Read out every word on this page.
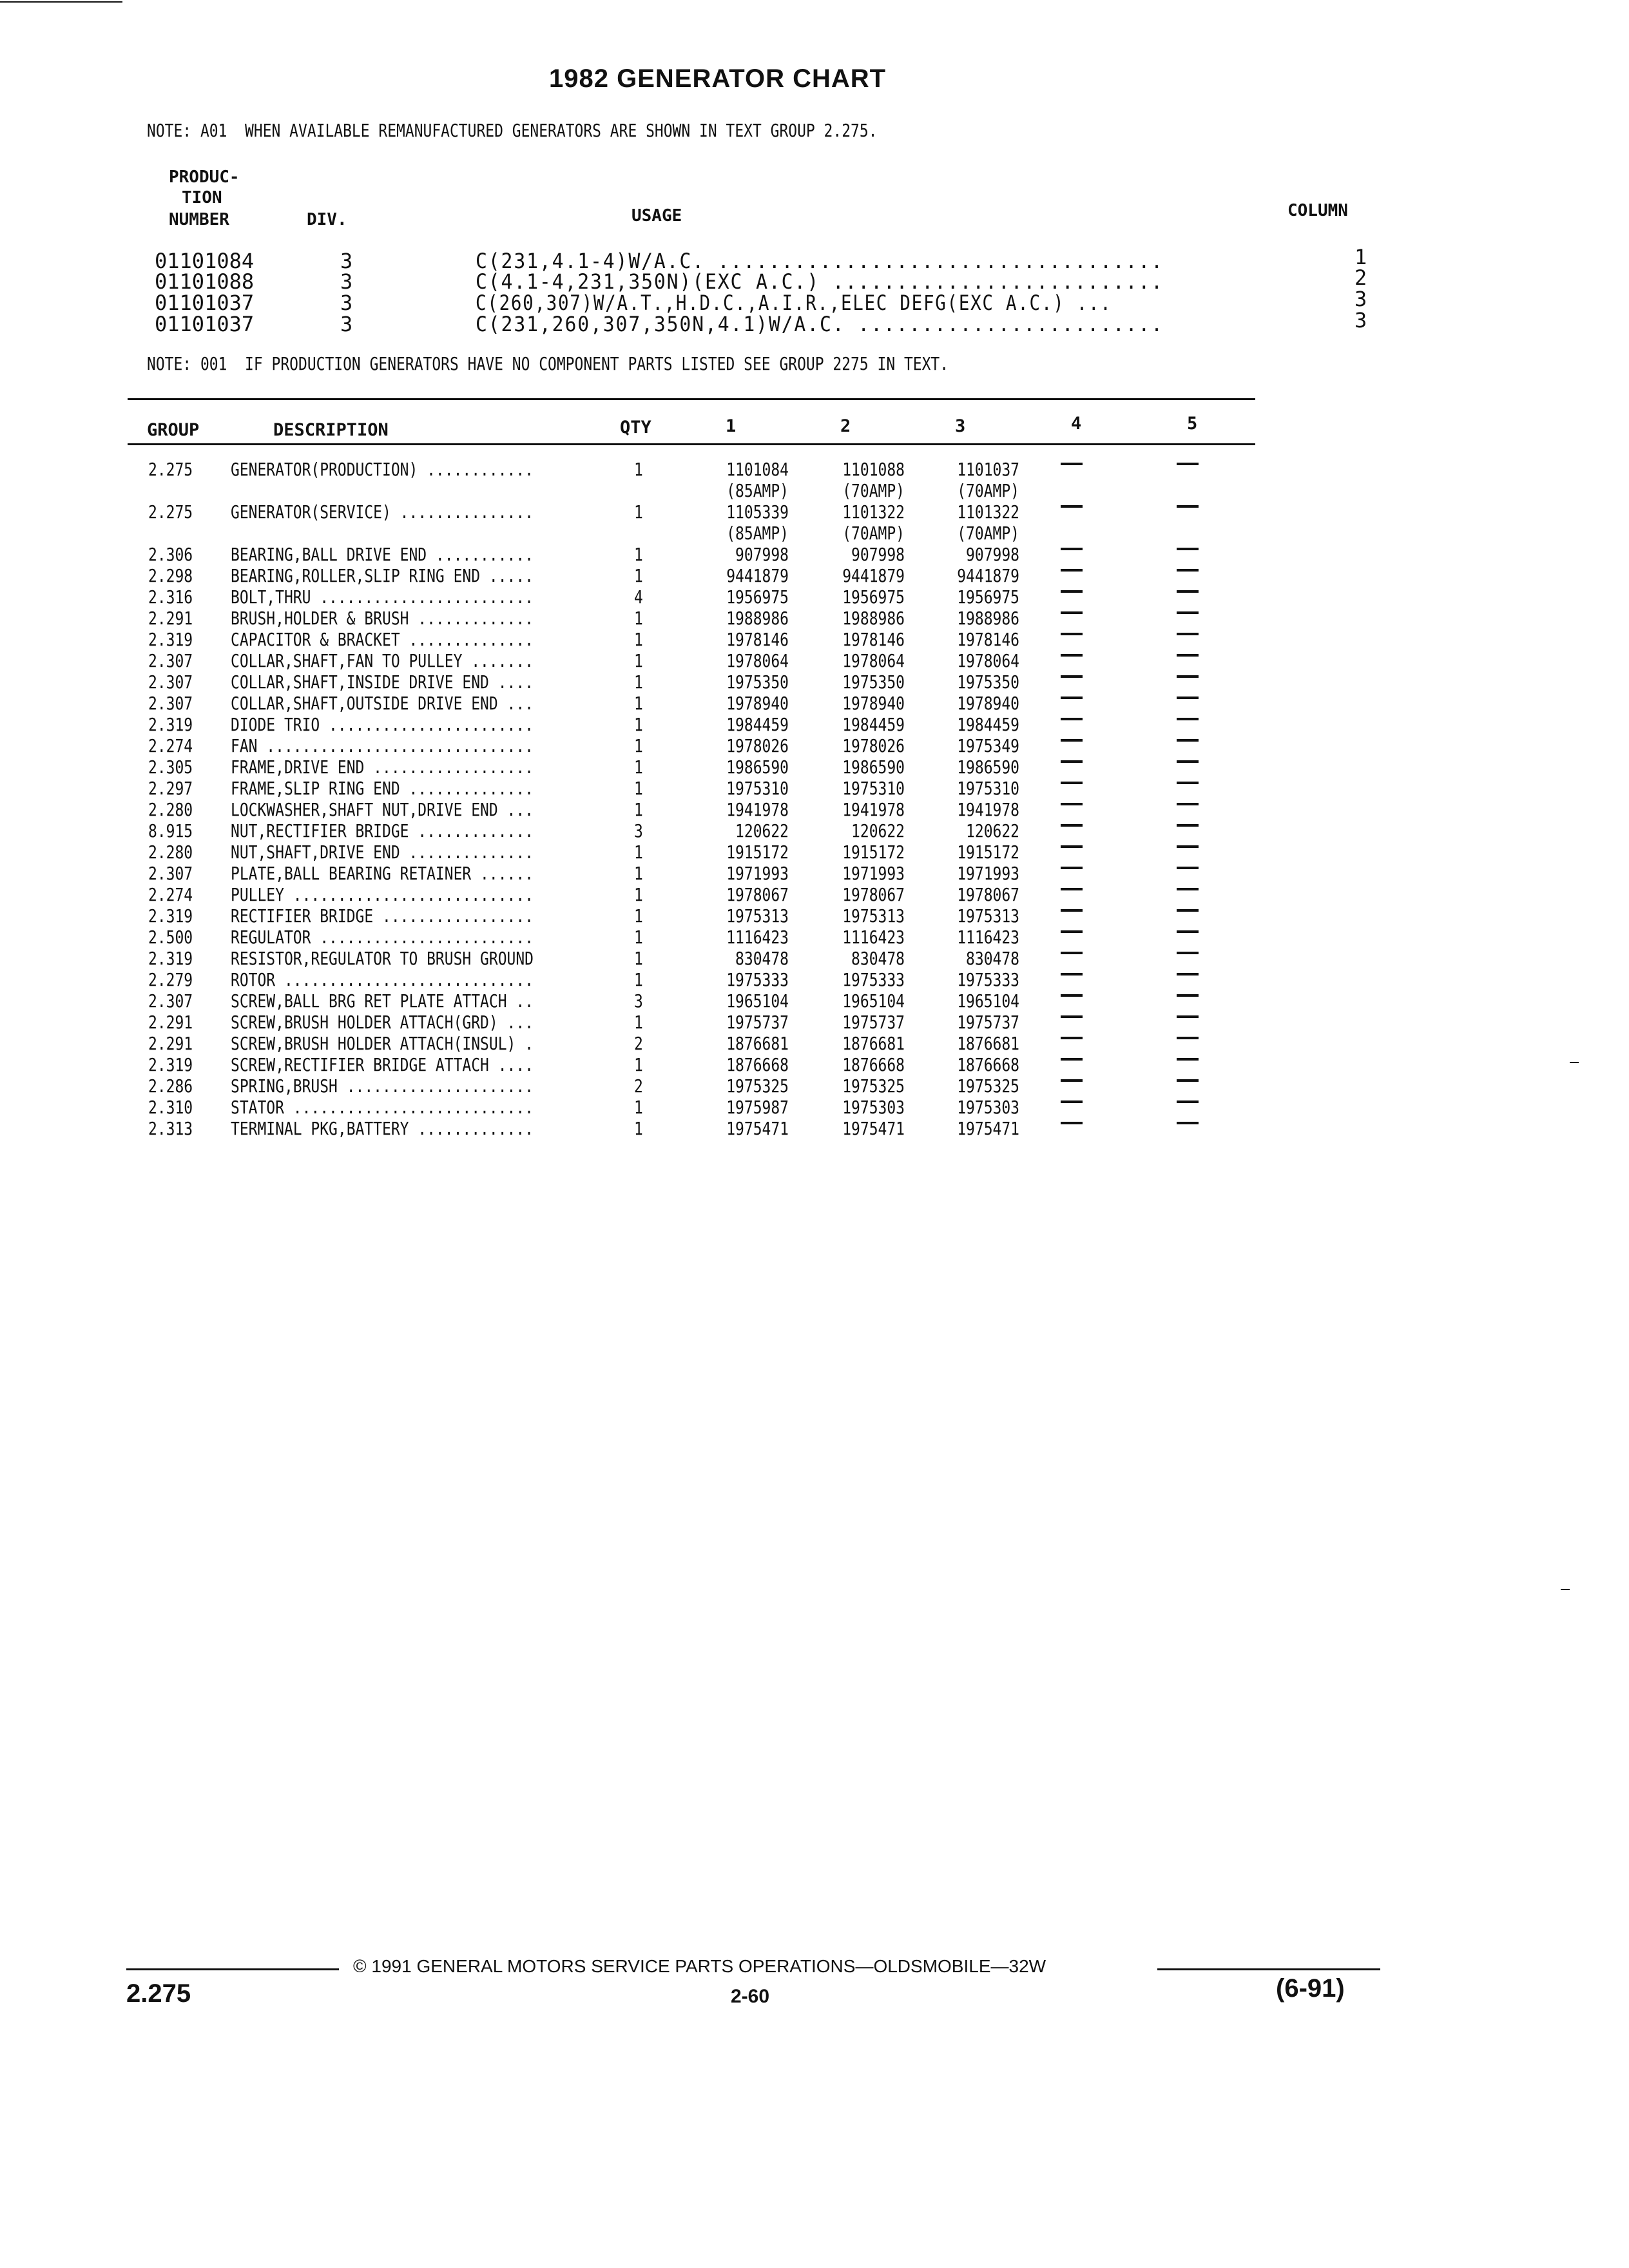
1982 GENERATOR CHART
NOTE: A01  WHEN AVAILABLE REMANUFACTURED GENERATORS ARE SHOWN IN TEXT GROUP 2.275.
PRODUC-
TION
NUMBER	DIV.	USAGE	COLUMN
01101084	3	C(231,4.1-4)W/A.C. ...................................	1
01101088	3	C(4.1-4,231,350N)(EXC A.C.) ..........................	2
01101037	3	C(260,307)W/A.T.,H.D.C.,A.I.R.,ELEC DEFG(EXC A.C.) ...	3
01101037	3	C(231,260,307,350N,4.1)W/A.C. ........................	3
NOTE: 001  IF PRODUCTION GENERATORS HAVE NO COMPONENT PARTS LISTED SEE GROUP 2275 IN TEXT.
GROUP	DESCRIPTION	QTY	1	2	3	4	5
2.275 GENERATOR(PRODUCTION) ............	1	1101084	1101088	1101037
(85AMP)	(70AMP)	(70AMP)
2.275 GENERATOR(SERVICE) ...............	1	1105339	1101322	1101322
(85AMP)	(70AMP)	(70AMP)
2.306 BEARING,BALL DRIVE END ...........	1	907998	907998	907998
2.298 BEARING,ROLLER,SLIP RING END .....	1	9441879	9441879	9441879
2.316 BOLT,THRU ........................	4	1956975	1956975	1956975
2.291 BRUSH,HOLDER & BRUSH .............	1	1988986	1988986	1988986
2.319 CAPACITOR & BRACKET ..............	1	1978146	1978146	1978146
2.307 COLLAR,SHAFT,FAN TO PULLEY .......	1	1978064	1978064	1978064
2.307 COLLAR,SHAFT,INSIDE DRIVE END ....	1	1975350	1975350	1975350
2.307 COLLAR,SHAFT,OUTSIDE DRIVE END ...	1	1978940	1978940	1978940
2.319 DIODE TRIO .......................	1	1984459	1984459	1984459
2.274 FAN ..............................	1	1978026	1978026	1975349
2.305 FRAME,DRIVE END ..................	1	1986590	1986590	1986590
2.297 FRAME,SLIP RING END ..............	1	1975310	1975310	1975310
2.280 LOCKWASHER,SHAFT NUT,DRIVE END ...	1	1941978	1941978	1941978
8.915 NUT,RECTIFIER BRIDGE .............	3	120622	120622	120622
2.280 NUT,SHAFT,DRIVE END ..............	1	1915172	1915172	1915172
2.307 PLATE,BALL BEARING RETAINER ......	1	1971993	1971993	1971993
2.274 PULLEY ...........................	1	1978067	1978067	1978067
2.319 RECTIFIER BRIDGE .................	1	1975313	1975313	1975313
2.500 REGULATOR ........................	1	1116423	1116423	1116423
2.319 RESISTOR,REGULATOR TO BRUSH GROUND	1	830478	830478	830478
2.279 ROTOR ............................	1	1975333	1975333	1975333
2.307 SCREW,BALL BRG RET PLATE ATTACH ..	3	1965104	1965104	1965104
2.291 SCREW,BRUSH HOLDER ATTACH(GRD) ...	1	1975737	1975737	1975737
2.291 SCREW,BRUSH HOLDER ATTACH(INSUL) .	2	1876681	1876681	1876681
2.319 SCREW,RECTIFIER BRIDGE ATTACH ....	1	1876668	1876668	1876668
2.286 SPRING,BRUSH .....................	2	1975325	1975325	1975325
2.310 STATOR ...........................	1	1975987	1975303	1975303
2.313 TERMINAL PKG,BATTERY .............	1	1975471	1975471	1975471
© 1991 GENERAL MOTORS SERVICE PARTS OPERATIONS—OLDSMOBILE—32W
2.275	2-60	(6-91)
